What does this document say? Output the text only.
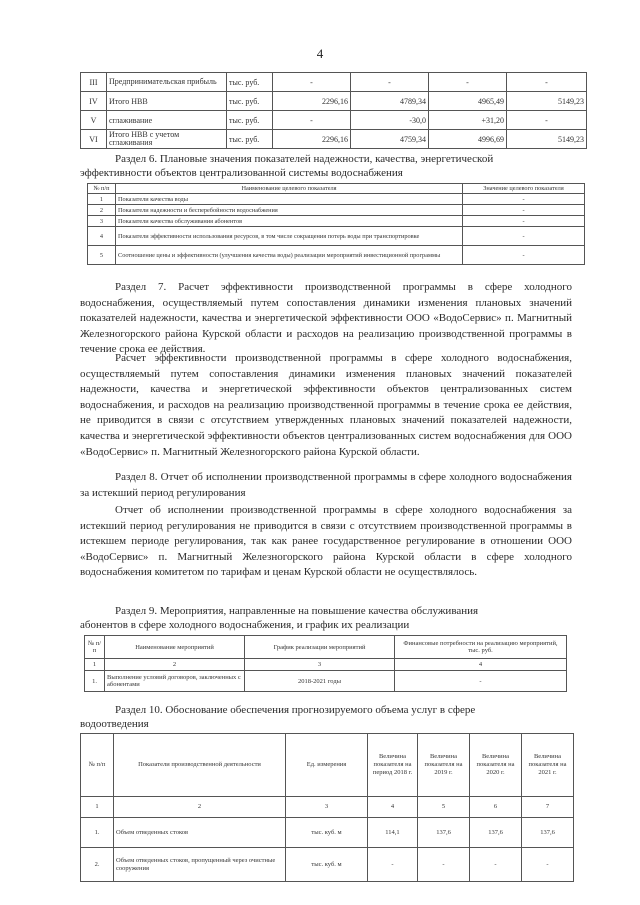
4
III	Предпринимательская прибыль	тыс. руб.	-	-	-	-
IV	Итого НВВ	тыс. руб.	2296,16	4789,34	4965,49	5149,23
V	сглаживание	тыс. руб.	-	-30,0	+31,20	-
VI	Итого НВВ с учетом сглаживания	тыс. руб.	2296,16	4759,34	4996,69	5149,23
Раздел 6. Плановые значения показателей надежности, качества, энергетической
эффективности объектов централизованной системы водоснабжения
№ п/п	Наименование целевого показателя	Значение целевого показателя
1	Показатели качества воды	-
2	Показатели надежности и бесперебойности водоснабжения	-
3	Показатели качества обслуживания абонентов	-
4	Показатели эффективности использования ресурсов, в том числе сокращения потерь воды при транспортировке	-
5	Соотношение цены и эффективности (улучшения качества воды) реализации мероприятий инвестиционной программы	-
Раздел 7. Расчет эффективности производственной программы в сфере холодного водоснабжения, осуществляемый путем сопоставления динамики изменения плановых значений показателей надежности, качества и энергетической эффективности ООО «ВодоСервис» п. Магнитный Железногорского района Курской области и расходов на реализацию производственной программы в течение срока ее действия.
Расчет эффективности производственной программы в сфере холодного водоснабжения, осуществляемый путем сопоставления динамики изменения плановых значений показателей надежности, качества и энергетической эффективности объектов централизованных систем водоснабжения, и расходов на реализацию производственной программы в течение срока ее действия, не приводится в связи с отсутствием утвержденных плановых значений показателей надежности, качества и энергетической эффективности объектов централизованных систем водоснабжения для ООО «ВодоСервис» п. Магнитный Железногорского района Курской области.
Раздел 8. Отчет об исполнении производственной программы в сфере холодного водоснабжения за истекший период регулирования
Отчет об исполнении производственной программы в сфере холодного водоснабжения за истекший период регулирования не приводится в связи с отсутствием производственной программы в истекшем периоде регулирования, так как ранее государственное регулирование в отношении ООО «ВодоСервис» п. Магнитный Железногорского района Курской области в сфере холодного водоснабжения комитетом по тарифам и ценам Курской области не осуществлялось.
Раздел 9. Мероприятия, направленные на повышение качества обслуживания
абонентов в сфере холодного водоснабжения, и график их реализации
№ п/п	Наименование мероприятий	График реализации мероприятий	Финансовые потребности на реализацию мероприятий, тыс. руб.
1	2	3	4
1.	Выполнение условий договоров, заключенных с абонентами	2018-2021 годы	-
Раздел 10. Обоснование обеспечения прогнозируемого объема услуг в сфере
водоотведения
№ п/п	Показатели производственной деятельности	Ед. измерения	Величина показателя на период 2018 г.	Величина показателя на 2019 г.	Величина показателя на 2020 г.	Величина показателя на 2021 г.
1	2	3	4	5	6	7
1.	Объем отведенных стоков	тыс. куб. м	114,1	137,6	137,6	137,6
2.	Объем отведенных стоков, пропущенный через очистные сооружения	тыс. куб. м	-	-	-	-
